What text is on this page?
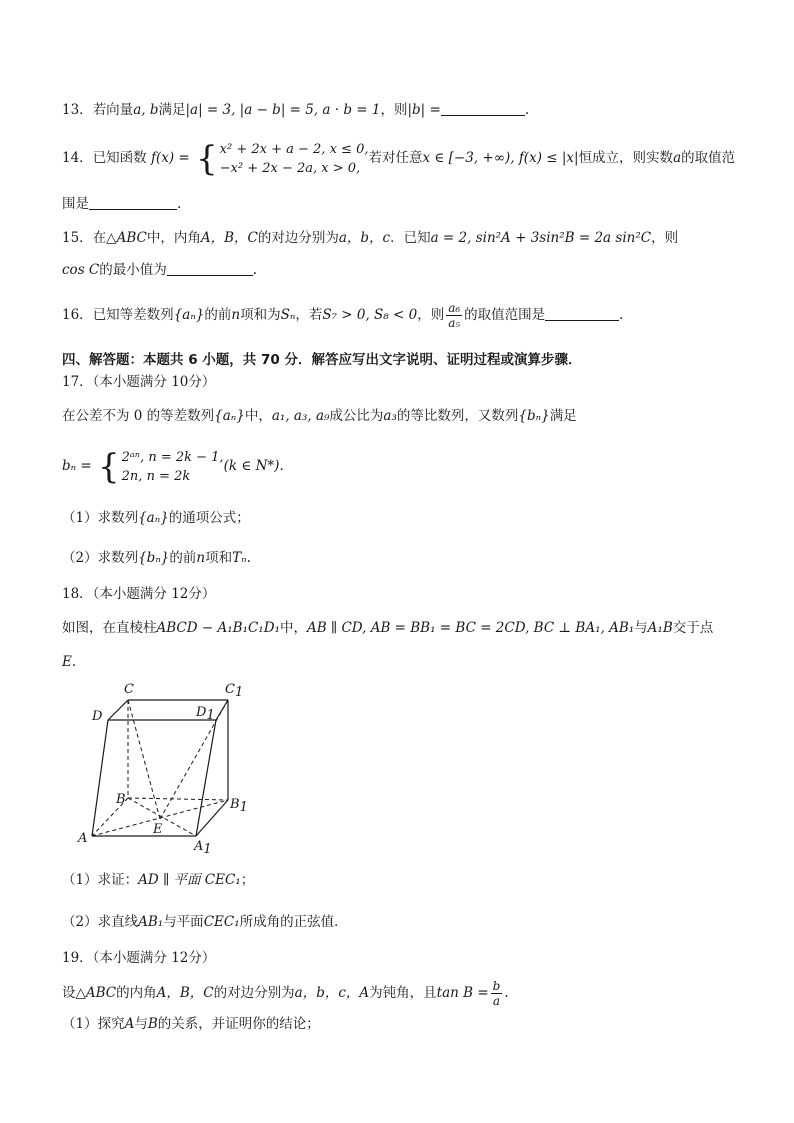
13．若向量a, b满足|a| = 3, |a − b| = 5, a · b = 1，则|b| =	.
14．已知函数 f(x) = { x² + 2x + a − 2, x ≤ 0,
−x² + 2x − 2a, x > 0,
若对任意x ∈ [−3, +∞), f(x) ≤ |x|恒成立，则实数a的取值范
围是	.
15．在△ABC中，内角A，B，C的对边分别为a，b，c．已知a = 2, sin²A + 3sin²B = 2a sin²C，则
cos C的最小值为	.
16．已知等差数列{aₙ}的前n项和为Sₙ，若S₇ > 0, S₈ < 0，则 $\frac{\text{a₆}}{\text{a₅}}$ 的取值范围是	.
四、解答题：本题共 6 小题，共 70 分．解答应写出文字说明、证明过程或演算步骤．
17．（本小题满分 10分）
在公差不为 0 的等差数列{aₙ}中，a₁, a₃, a₉成公比为a₃的等比数列，又数列{bₙ}满足
bₙ = { 2ᵃⁿ, n = 2k − 1,
2n, n = 2k
(k ∈ N*).
（1）求数列{aₙ}的通项公式；
（2）求数列{bₙ}的前n项和Tₙ.
18．（本小题满分 12分）
如图，在直棱柱ABCD − A₁B₁C₁D₁中，AB ∥ CD, AB = BB₁ = BC = 2CD, BC ⊥ BA₁, AB₁与A₁B交于点
E.
C	C1
D	D1
B	B1
A
A1
E
（1）求证：AD ∥ 平面 CEC₁；
（2）求直线AB₁与平面CEC₁所成角的正弦值．
19．（本小题满分 12分）
设△ABC的内角A，B，C的对边分别为a，b，c，A为钝角，且$\tan B = \frac{b}{a}$ .
（1）探究A与B的关系，并证明你的结论；
